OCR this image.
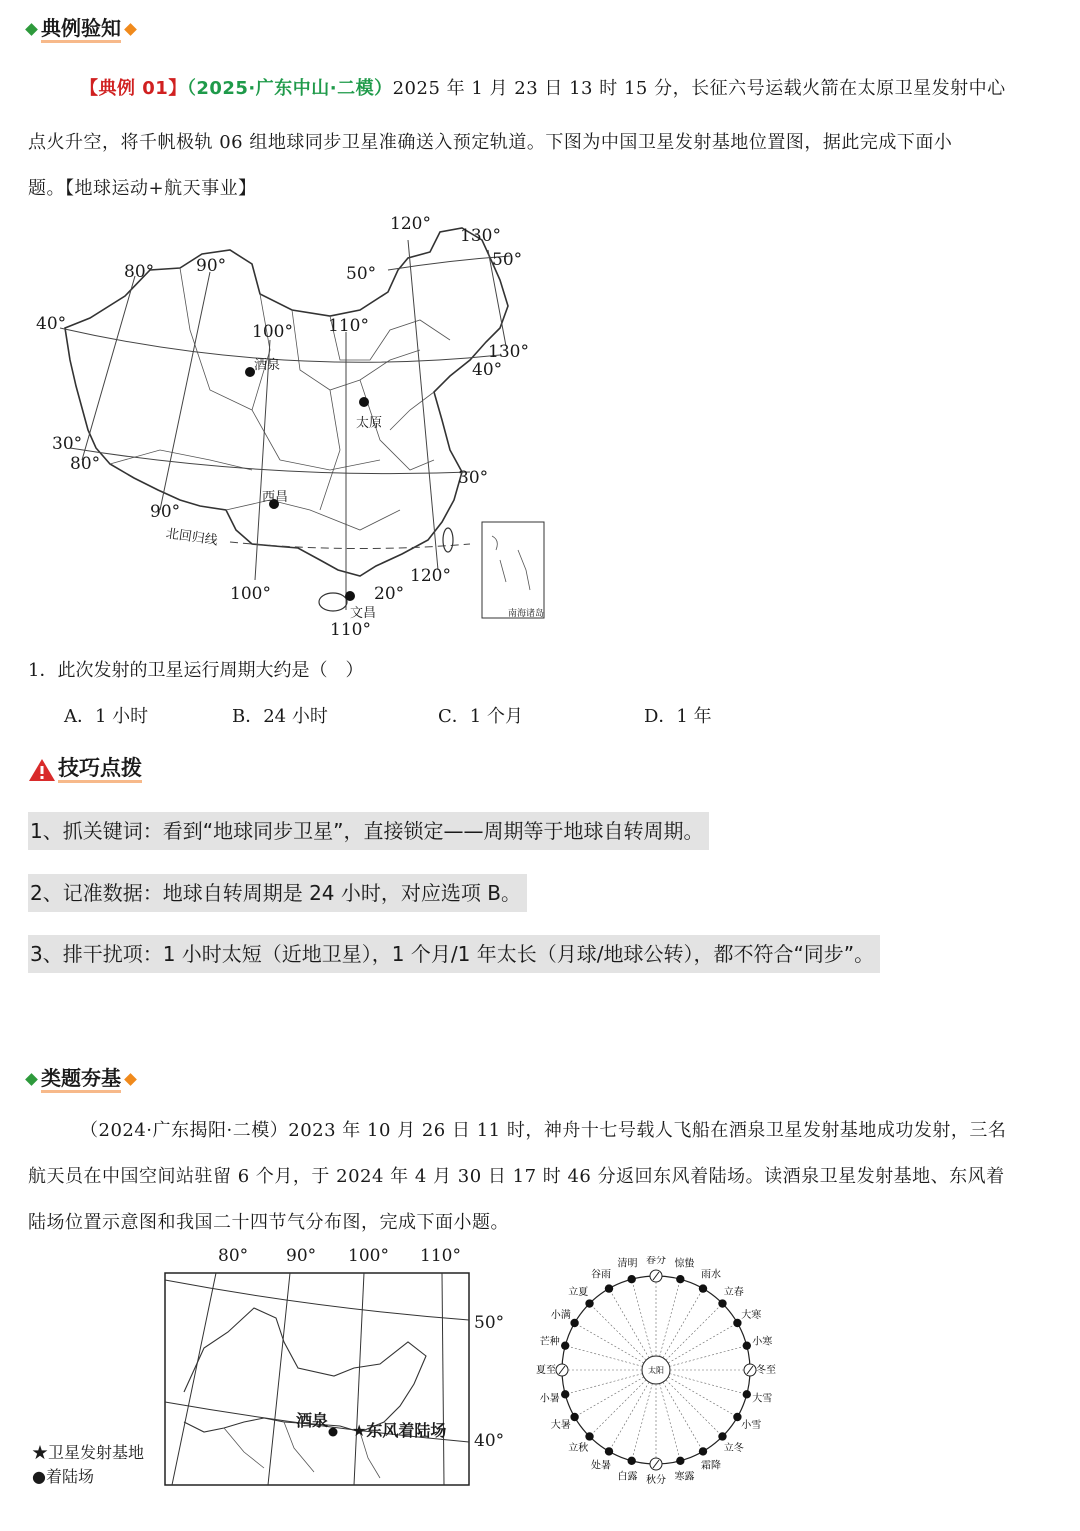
典例验知
【典例 01】（2025·广东中山·二模）2025 年 1 月 23 日 13 时 15 分，长征六号运载火箭在太原卫星发射中心
点火升空，将千帆极轨 06 组地球同步卫星准确送入预定轨道。下图为中国卫星发射基地位置图，据此完成下面小
题。【地球运动+航天事业】
120°
130°
80° 90°	50°
50°
40°	100° 110°
130°
40°
酒泉
太原
30°
80°
30°
西昌
90°
北回归线
120°
100°	20°
文昌
110°
南海诸岛
1．此次发射的卫星运行周期大约是（　）
A．1 小时	B．24 小时	C．1 个月	D．1 年
技巧点拨
1、抓关键词：看到“地球同步卫星”，直接锁定——周期等于地球自转周期。
2、记准数据：地球自转周期是 24 小时，对应选项 B。
3、排干扰项：1 小时太短（近地卫星），1 个月/1 年太长（月球/地球公转），都不符合“同步”。
类题夯基
（2024·广东揭阳·二模）2023 年 10 月 26 日 11 时，神舟十七号载人飞船在酒泉卫星发射基地成功发射，三名
航天员在中国空间站驻留 6 个月，于 2024 年 4 月 30 日 17 时 46 分返回东风着陆场。读酒泉卫星发射基地、东风着
陆场位置示意图和我国二十四节气分布图，完成下面小题。
80° 90° 100° 110°
酒泉
★东风着陆场
50°
40°
★卫星发射基地
●着陆场
太阳
春分 惊蛰
雨水
立春
大寒
小寒
冬至
大雪
小雪
立冬
霜降
寒露
秋分
白露
处暑
立秋
大暑
小暑
夏至
芒种
小满
立夏
谷雨
清明
